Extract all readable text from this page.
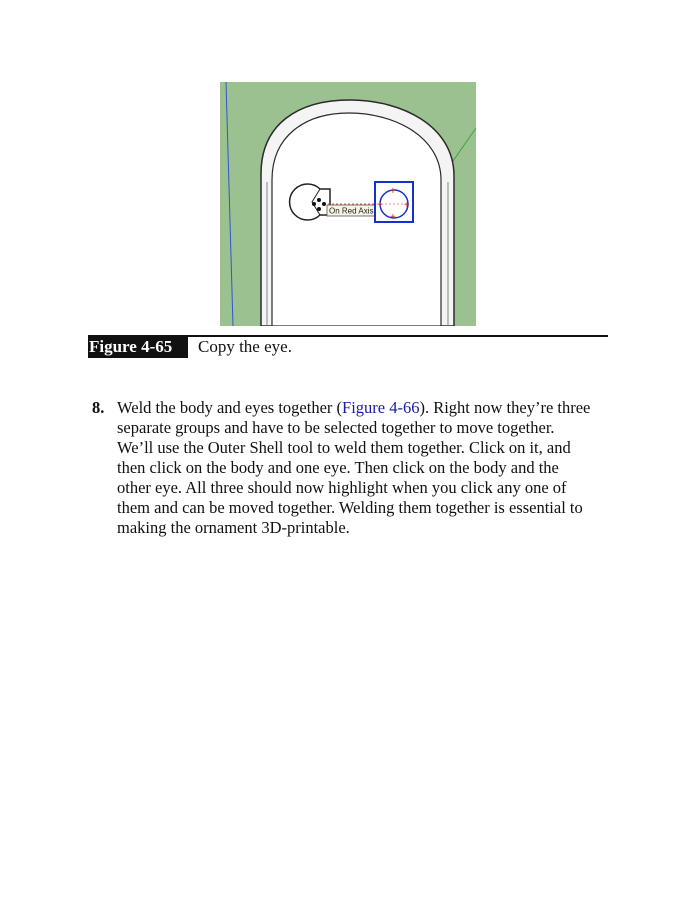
On Red Axis
+
+
+
+
Figure 4-65	Copy the eye.
8. Weld the body and eyes together (Figure 4-66). Right now they’re three
separate groups and have to be selected together to move together.
We’ll use the Outer Shell tool to weld them together. Click on it, and
then click on the body and one eye. Then click on the body and the
other eye. All three should now highlight when you click any one of
them and can be moved together. Welding them together is essential to
making the ornament 3D-printable.
